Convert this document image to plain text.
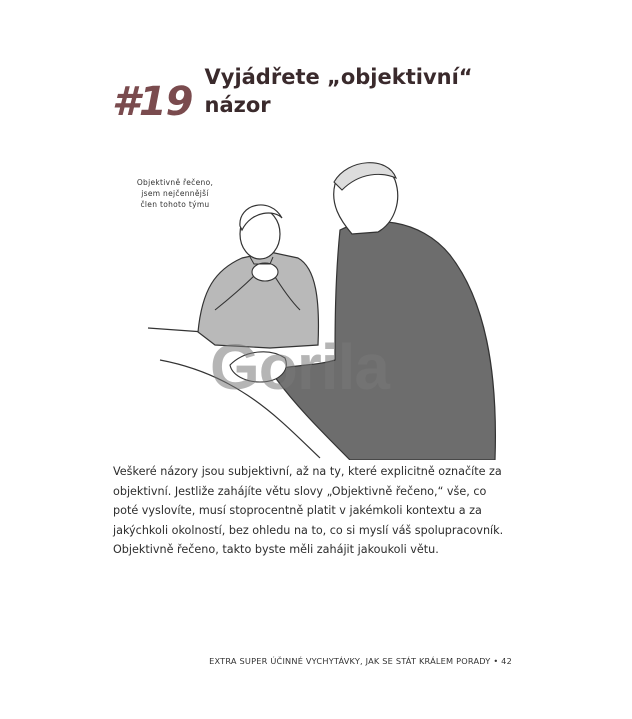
#19
Vyjádřete „objektivní“ názor
Objektivně řečeno, jsem nejčennější člen tohoto týmu
Gorila
Veškeré názory jsou subjektivní, až na ty, které explicitně označíte za objektivní. Jestliže zahájíte větu slovy „Objektivně řečeno,“ vše, co poté vyslovíte, musí stoprocentně platit v jakémkoli kontextu a za jakýchkoli okolností, bez ohledu na to, co si myslí váš spolupracovník. Objektivně řečeno, takto byste měli zahájit jakoukoli větu.
EXTRA SUPER ÚČINNÉ VYCHYTÁVKY, JAK SE STÁT KRÁLEM PORADY • 42
